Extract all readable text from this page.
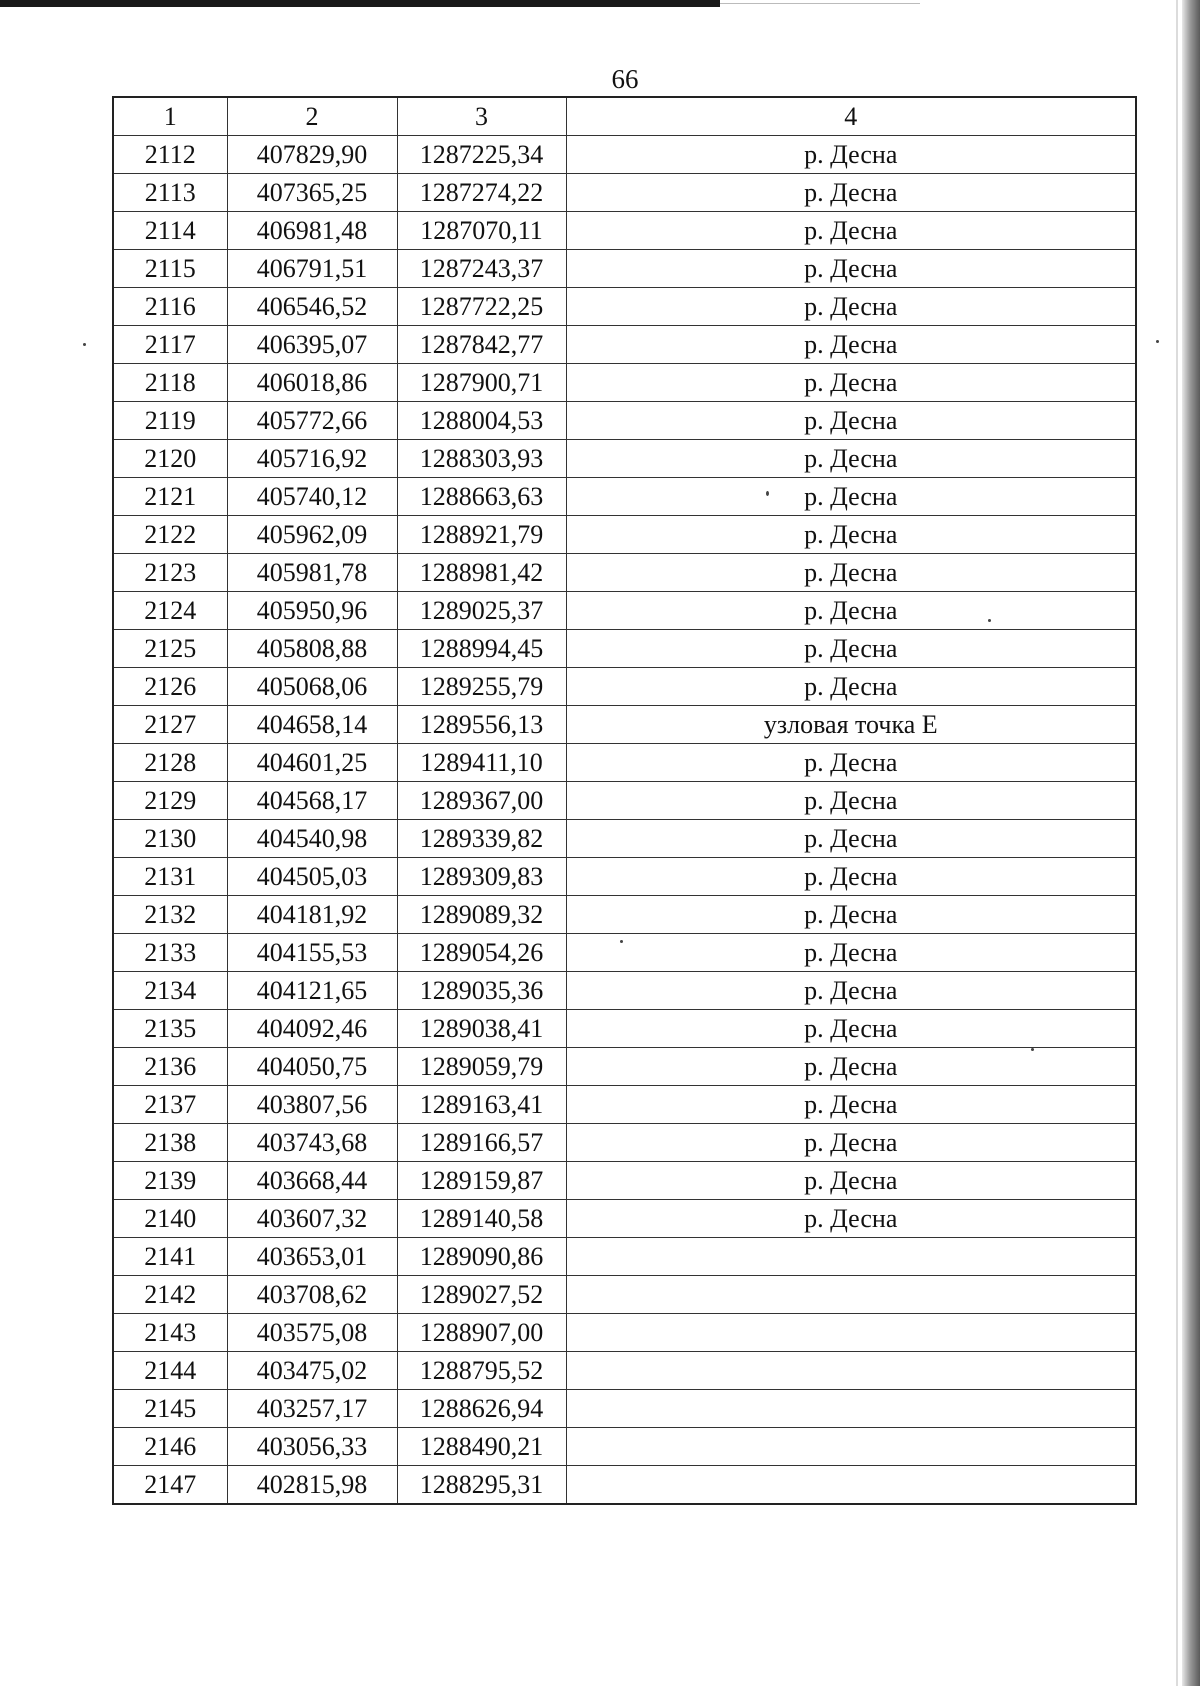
66
1	2	3	4
2112	407829,90	1287225,34	р. Десна
2113	407365,25	1287274,22	р. Десна
2114	406981,48	1287070,11	р. Десна
2115	406791,51	1287243,37	р. Десна
2116	406546,52	1287722,25	р. Десна
2117	406395,07	1287842,77	р. Десна
2118	406018,86	1287900,71	р. Десна
2119	405772,66	1288004,53	р. Десна
2120	405716,92	1288303,93	р. Десна
2121	405740,12	1288663,63	р. Десна
2122	405962,09	1288921,79	р. Десна
2123	405981,78	1288981,42	р. Десна
2124	405950,96	1289025,37	р. Десна
2125	405808,88	1288994,45	р. Десна
2126	405068,06	1289255,79	р. Десна
2127	404658,14	1289556,13	узловая точка Е
2128	404601,25	1289411,10	р. Десна
2129	404568,17	1289367,00	р. Десна
2130	404540,98	1289339,82	р. Десна
2131	404505,03	1289309,83	р. Десна
2132	404181,92	1289089,32	р. Десна
2133	404155,53	1289054,26	р. Десна
2134	404121,65	1289035,36	р. Десна
2135	404092,46	1289038,41	р. Десна
2136	404050,75	1289059,79	р. Десна
2137	403807,56	1289163,41	р. Десна
2138	403743,68	1289166,57	р. Десна
2139	403668,44	1289159,87	р. Десна
2140	403607,32	1289140,58	р. Десна
2141	403653,01	1289090,86	
2142	403708,62	1289027,52	
2143	403575,08	1288907,00	
2144	403475,02	1288795,52	
2145	403257,17	1288626,94	
2146	403056,33	1288490,21	
2147	402815,98	1288295,31	
